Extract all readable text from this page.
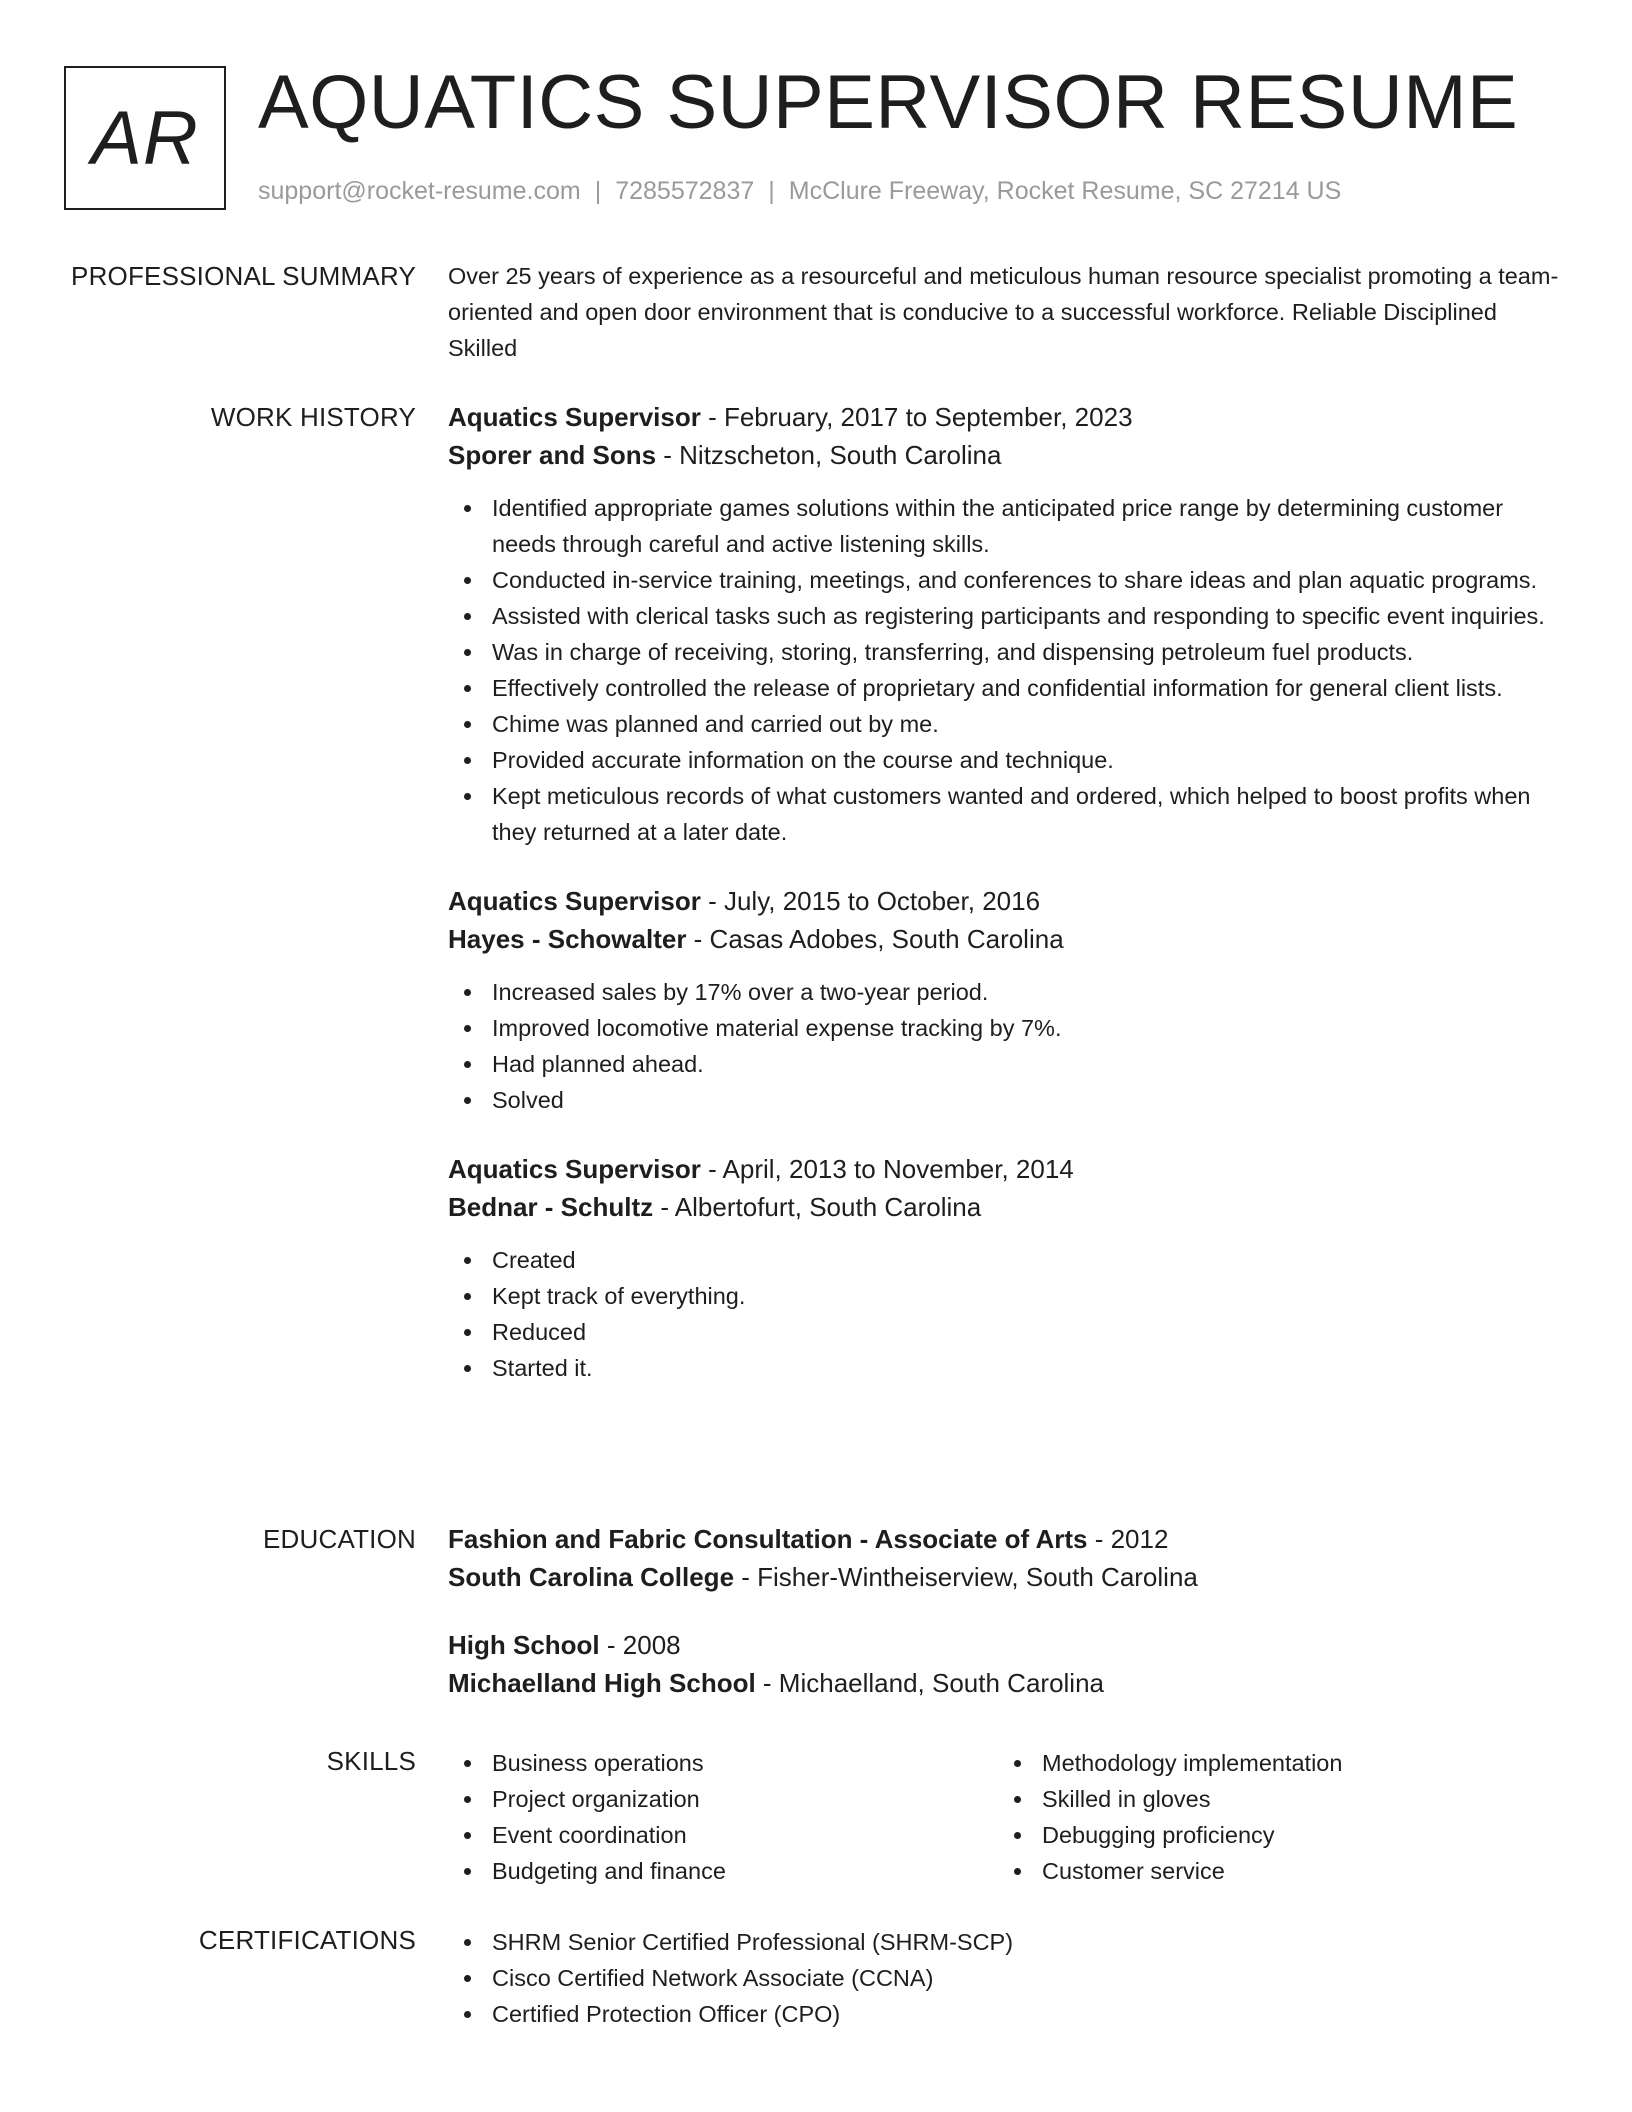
AR AQUATICS SUPERVISOR RESUME
support@rocket-resume.com | 7285572837 | McClure Freeway, Rocket Resume, SC 27214 US
PROFESSIONAL SUMMARY Over 25 years of experience as a resourceful and meticulous human resource specialist promoting a team-oriented and open door environment that is conducive to a successful workforce. Reliable Disciplined Skilled

WORK HISTORY Aquatics Supervisor - February, 2017 to September, 2023
Sporer and Sons - Nitzscheton, South Carolina
Identified appropriate games solutions within the anticipated price range by determining customer needs through careful and active listening skills.
Conducted in-service training, meetings, and conferences to share ideas and plan aquatic programs.
Assisted with clerical tasks such as registering participants and responding to specific event inquiries.
Was in charge of receiving, storing, transferring, and dispensing petroleum fuel products.
Effectively controlled the release of proprietary and confidential information for general client lists.
Chime was planned and carried out by me.
Provided accurate information on the course and technique.
Kept meticulous records of what customers wanted and ordered, which helped to boost profits when they returned at a later date.
Aquatics Supervisor - July, 2015 to October, 2016
Hayes - Schowalter - Casas Adobes, South Carolina
Increased sales by 17% over a two-year period.
Improved locomotive material expense tracking by 7%.
Had planned ahead.
Solved
Aquatics Supervisor - April, 2013 to November, 2014
Bednar - Schultz - Albertofurt, South Carolina
Created
Kept track of everything.
Reduced
Started it.
EDUCATION Fashion and Fabric Consultation - Associate of Arts - 2012
South Carolina College - Fisher-Wintheiserview, South Carolina
High School - 2008
Michaelland High School - Michaelland, South Carolina
SKILLS	Business operations
Project organization
Event coordination
Budgeting and finance
Methodology implementation
Skilled in gloves
Debugging proficiency
Customer service
CERTIFICATIONS	SHRM Senior Certified Professional (SHRM-SCP)
Cisco Certified Network Associate (CCNA)
Certified Protection Officer (CPO)
